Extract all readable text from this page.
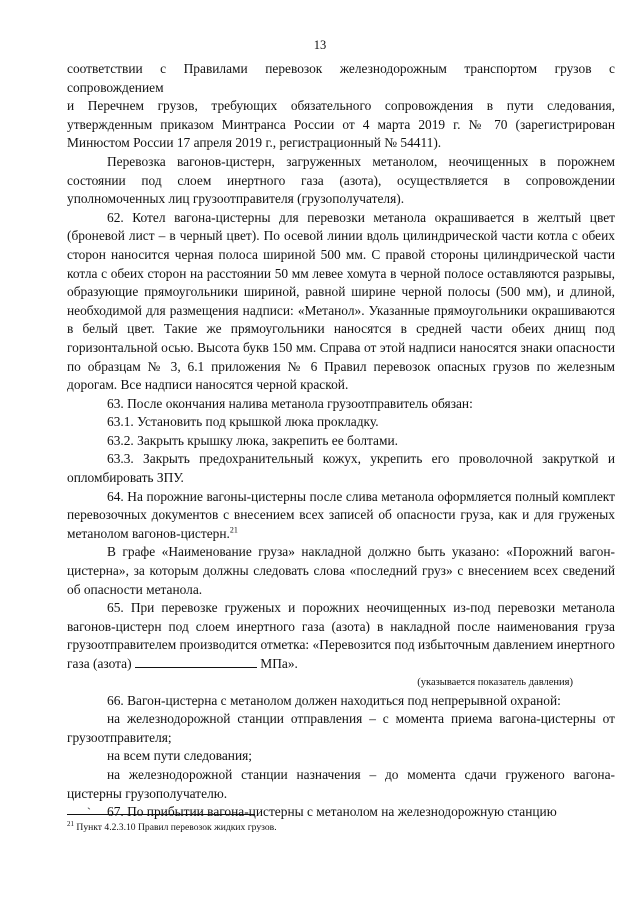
13

соответствии с Правилами перевозок железнодорожным транспортом грузов с сопровождением

и Перечнем грузов, требующих обязательного сопровождения в пути следования, утвержденным приказом Минтранса России от 4 марта 2019 г. № 70 (зарегистрирован Минюстом России 17 апреля 2019 г., регистрационный № 54411).

Перевозка вагонов-цистерн, загруженных метанолом, неочищенных в порожнем состоянии под слоем инертного газа (азота), осуществляется в сопровождении уполномоченных лиц грузоотправителя (грузополучателя).

62. Котел вагона-цистерны для перевозки метанола окрашивается в желтый цвет (броневой лист – в черный цвет). По осевой линии вдоль цилиндрической части котла с обеих сторон наносится черная полоса шириной 500 мм. С правой стороны цилиндрической части котла с обеих сторон на расстоянии 50 мм левее хомута в черной полосе оставляются разрывы, образующие прямоугольники шириной, равной ширине черной полосы (500 мм), и длиной, необходимой для размещения надписи: «Метанол». Указанные прямоугольники окрашиваются в белый цвет. Такие же прямоугольники наносятся в средней части обеих днищ под горизонтальной осью. Высота букв 150 мм. Справа от этой надписи наносятся знаки опасности по образцам № 3, 6.1 приложения № 6 Правил перевозок опасных грузов по железным дорогам. Все надписи наносятся черной краской.

63. После окончания налива метанола грузоотправитель обязан:

63.1. Установить под крышкой люка прокладку.

63.2. Закрыть крышку люка, закрепить ее болтами.

63.3. Закрыть предохранительный кожух, укрепить его проволочной закруткой и опломбировать ЗПУ.

64. На порожние вагоны-цистерны после слива метанола оформляется полный комплект перевозочных документов с внесением всех записей об опасности груза, как и для груженых метанолом вагонов-цистерн.$^{21}$

В графе «Наименование груза» накладной должно быть указано: «Порожний вагон-цистерна», за которым должны следовать слова «последний груз» с внесением всех сведений об опасности метанола.

65. При перевозке груженых и порожних неочищенных из-под перевозки метанола вагонов-цистерн под слоем инертного газа (азота) в накладной после наименования груза грузоотправителем производится отметка: «Перевозится под избыточным давлением инертного газа (азота)	МПа».

(указывается показатель давления)

66. Вагон-цистерна с метанолом должен находиться под непрерывной охраной:

на железнодорожной станции отправления – с момента приема вагона-цистерны от грузоотправителя;

на всем пути следования;

на железнодорожной станции назначения – до момента сдачи груженого вагона-цистерны грузополучателю.

` 67. По прибытии вагона-цистерны с метанолом на железнодорожную станцию

$^{21}$ Пункт 4.2.3.10 Правил перевозок жидких грузов.
